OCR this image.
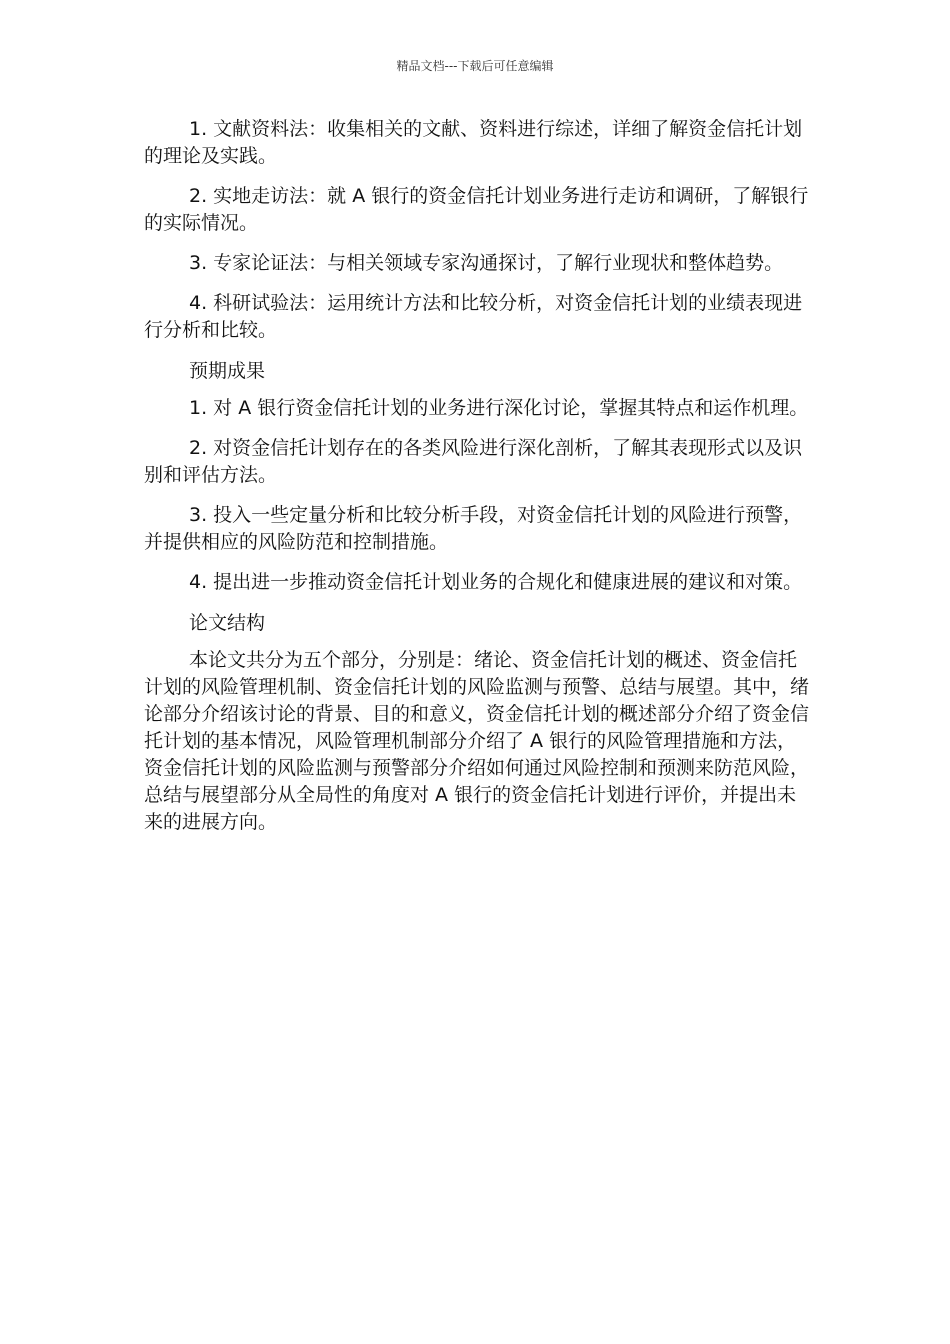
精品文档---下载后可任意编辑

1. 文献资料法：收集相关的文献、资料进行综述，详细了解资金信托计划的理论及实践。

2. 实地走访法：就 A 银行的资金信托计划业务进行走访和调研，了解银行的实际情况。

3. 专家论证法：与相关领域专家沟通探讨，了解行业现状和整体趋势。

4. 科研试验法：运用统计方法和比较分析，对资金信托计划的业绩表现进行分析和比较。

预期成果

1. 对 A 银行资金信托计划的业务进行深化讨论，掌握其特点和运作机理。

2. 对资金信托计划存在的各类风险进行深化剖析，了解其表现形式以及识别和评估方法。

3. 投入一些定量分析和比较分析手段，对资金信托计划的风险进行预警，并提供相应的风险防范和控制措施。

4. 提出进一步推动资金信托计划业务的合规化和健康进展的建议和对策。

论文结构

本论文共分为五个部分，分别是：绪论、资金信托计划的概述、资金信托计划的风险管理机制、资金信托计划的风险监测与预警、总结与展望。其中，绪论部分介绍该讨论的背景、目的和意义，资金信托计划的概述部分介绍了资金信托计划的基本情况，风险管理机制部分介绍了 A 银行的风险管理措施和方法，资金信托计划的风险监测与预警部分介绍如何通过风险控制和预测来防范风险，总结与展望部分从全局性的角度对 A 银行的资金信托计划进行评价，并提出未来的进展方向。
